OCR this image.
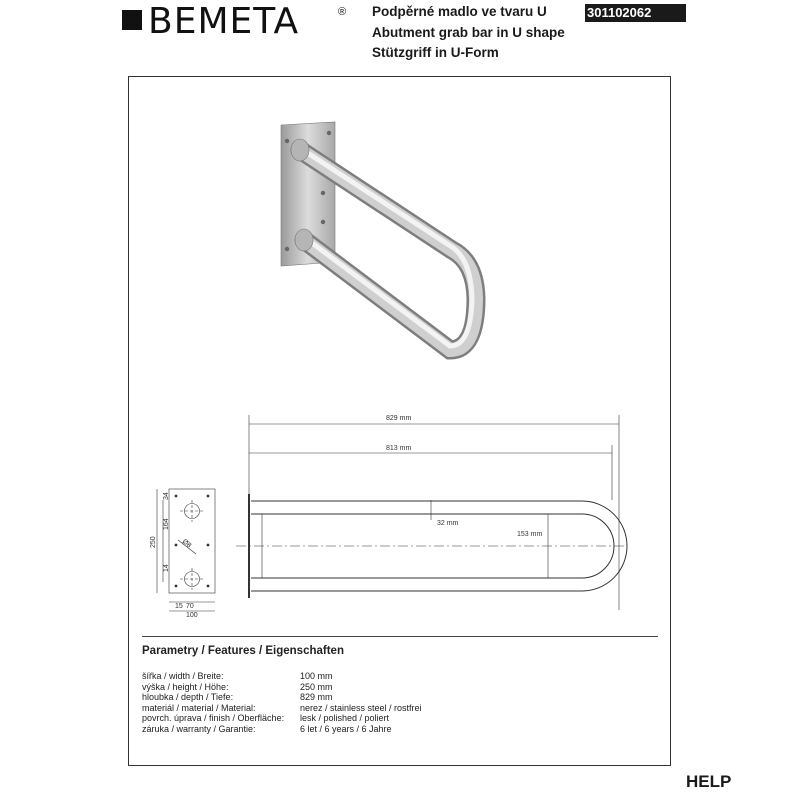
BEMETA	® Podpěrné madlo ve tvaru U
Abutment grab bar in U shape
Stützgriff in U-Form
301102062
829 mm
813 mm
32 mm
153 mm
250
164
34
14
15 70
100
Ø8
Parametry / Features / Eigenschaften
šířka / width / Breite:	100 mm
výška / height / Höhe:	250 mm
hloubka / depth / Tiefe:	829 mm
materiál / material / Material:	nerez / stainless steel / rostfrei
povrch. úprava / finish / Oberfläche: lesk / polished / poliert
záruka / warranty / Garantie:	6 let / 6 years / 6 Jahre
HELP
